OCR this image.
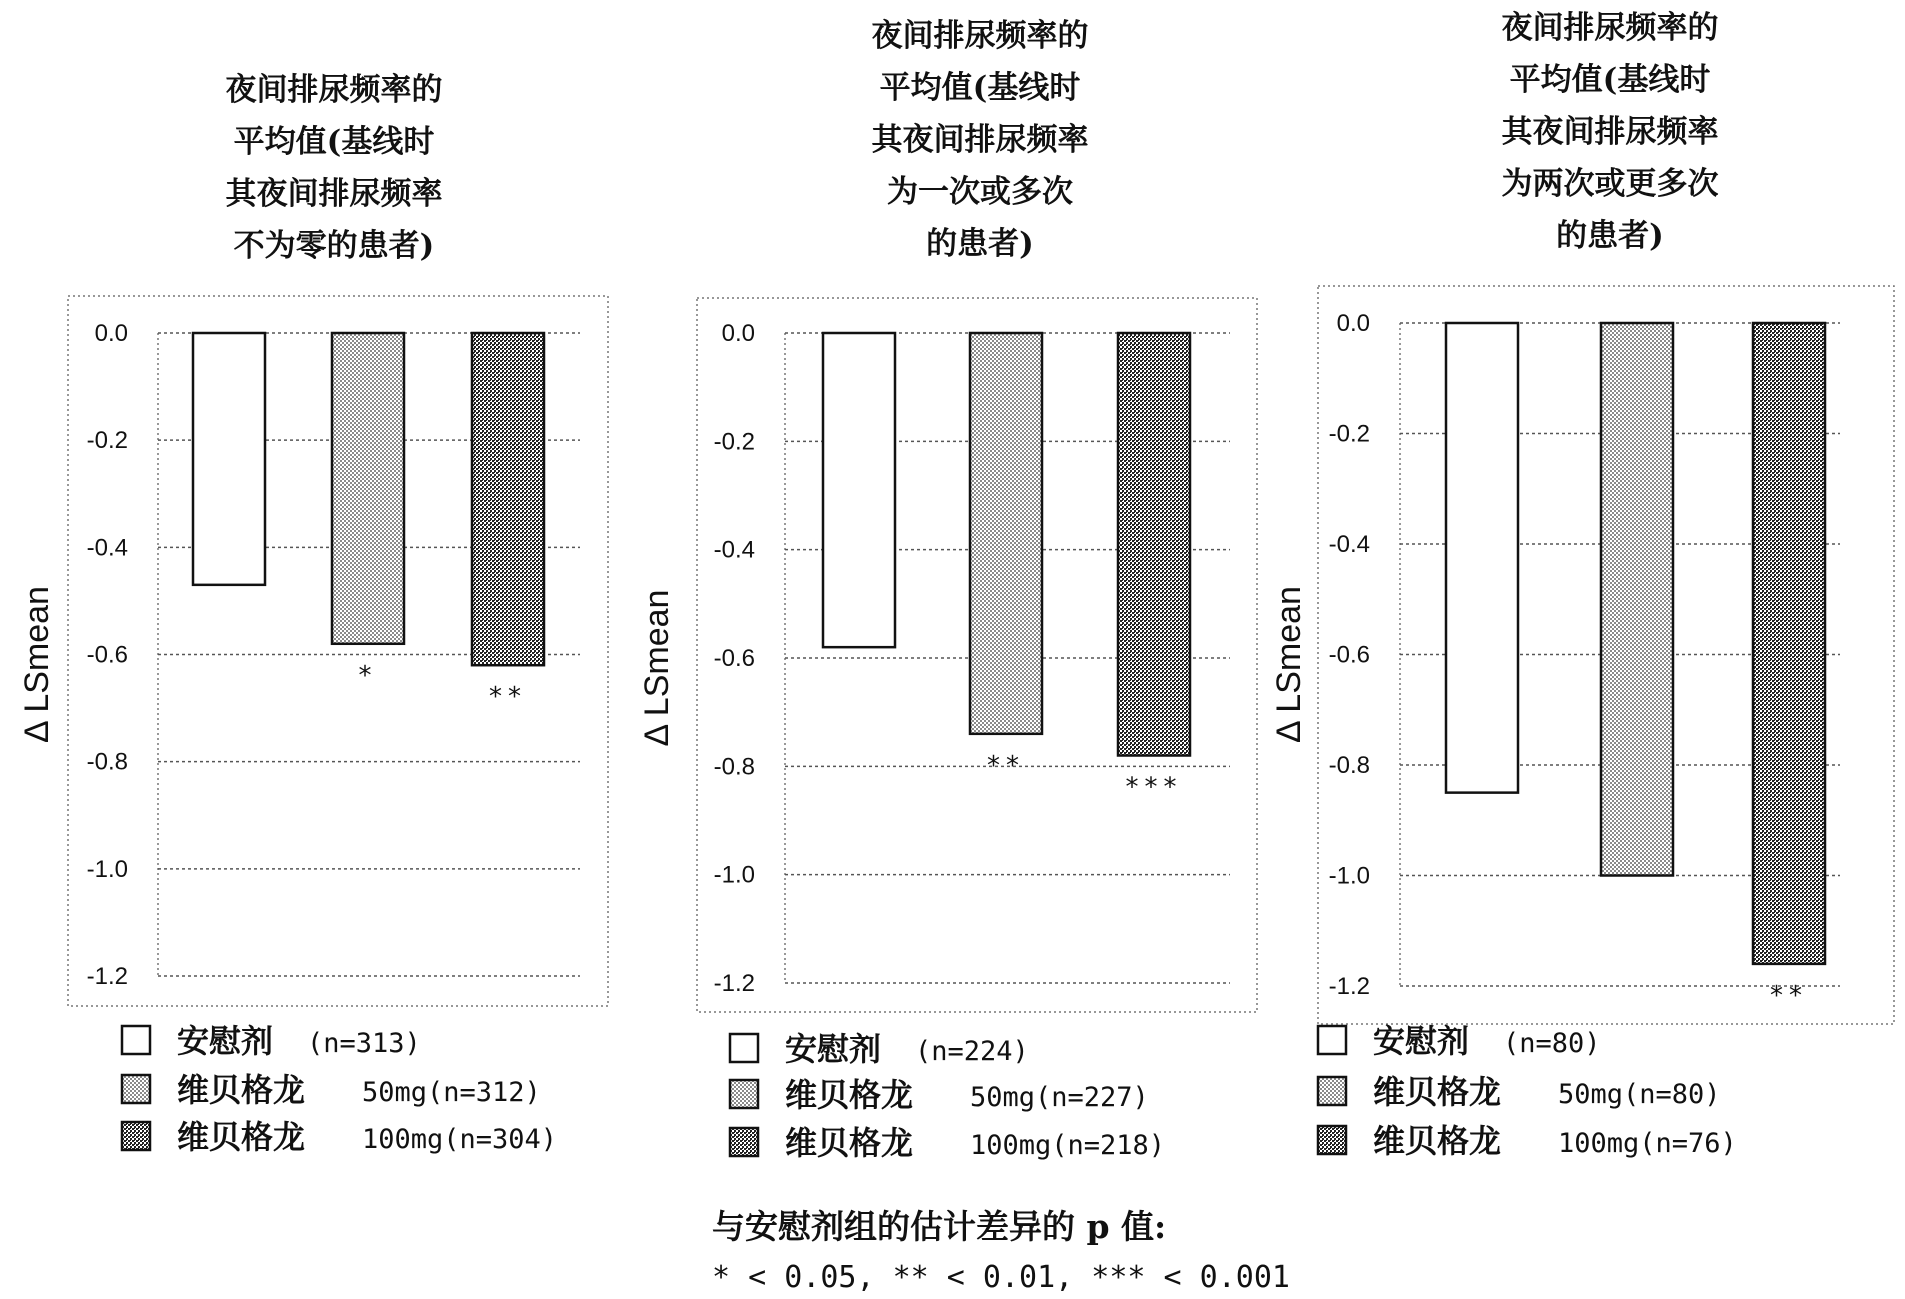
夜间排尿频率的
平均值(基线时
其夜间排尿频率
不为零的患者)
0.0
-0.2
-0.4
-0.6
-0.8
-1.0
-1.2
Δ LSmean	*
**
安慰剂 (n=313)
维贝格龙 50mg(n=312)
维贝格龙 100mg(n=304)
夜间排尿频率的
平均值(基线时
其夜间排尿频率
为一次或多次
的患者)
0.0
-0.2
-0.4
-0.6
-0.8
-1.0
-1.2
Δ LSmean
**
***
安慰剂 (n=224)
维贝格龙 50mg(n=227)
维贝格龙 100mg(n=218)
夜间排尿频率的
平均值(基线时
其夜间排尿频率
为两次或更多次
的患者)
0.0
-0.2
-0.4
-0.6
-0.8
-1.0
-1.2
Δ LSmean
**
安慰剂 (n=80)
维贝格龙 50mg(n=80)
维贝格龙 100mg(n=76)
与安慰剂组的估计差异的 p 值:
* < 0.05, ** < 0.01, *** < 0.001
